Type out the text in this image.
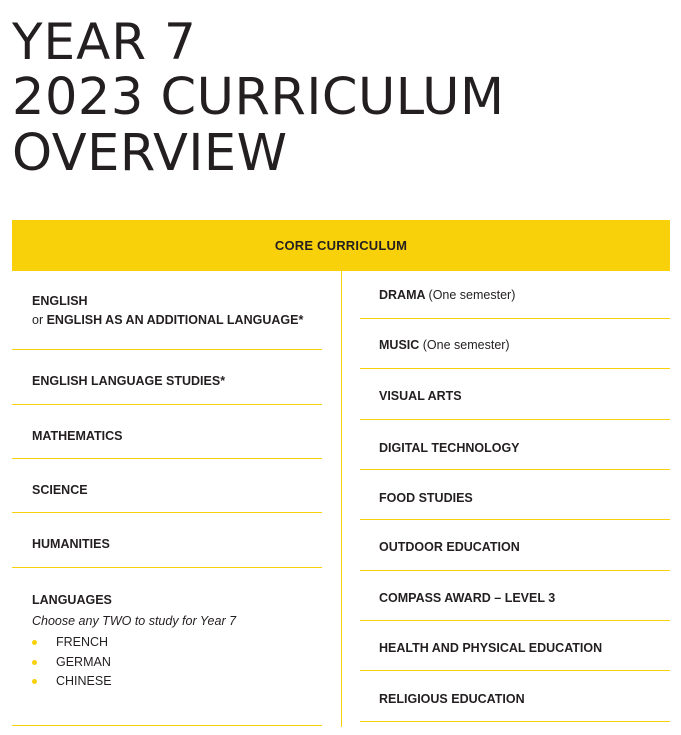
YEAR 7
2023 CURRICULUM
OVERVIEW
CORE CURRICULUM
ENGLISH
or ENGLISH AS AN ADDITIONAL LANGUAGE*
ENGLISH LANGUAGE STUDIES*
MATHEMATICS
SCIENCE
HUMANITIES
LANGUAGES
Choose any TWO to study for Year 7
FRENCH
GERMAN
CHINESE
DRAMA (One semester)
MUSIC (One semester)
VISUAL ARTS
DIGITAL TECHNOLOGY
FOOD STUDIES
OUTDOOR EDUCATION
COMPASS AWARD – LEVEL 3
HEALTH AND PHYSICAL EDUCATION
RELIGIOUS EDUCATION
